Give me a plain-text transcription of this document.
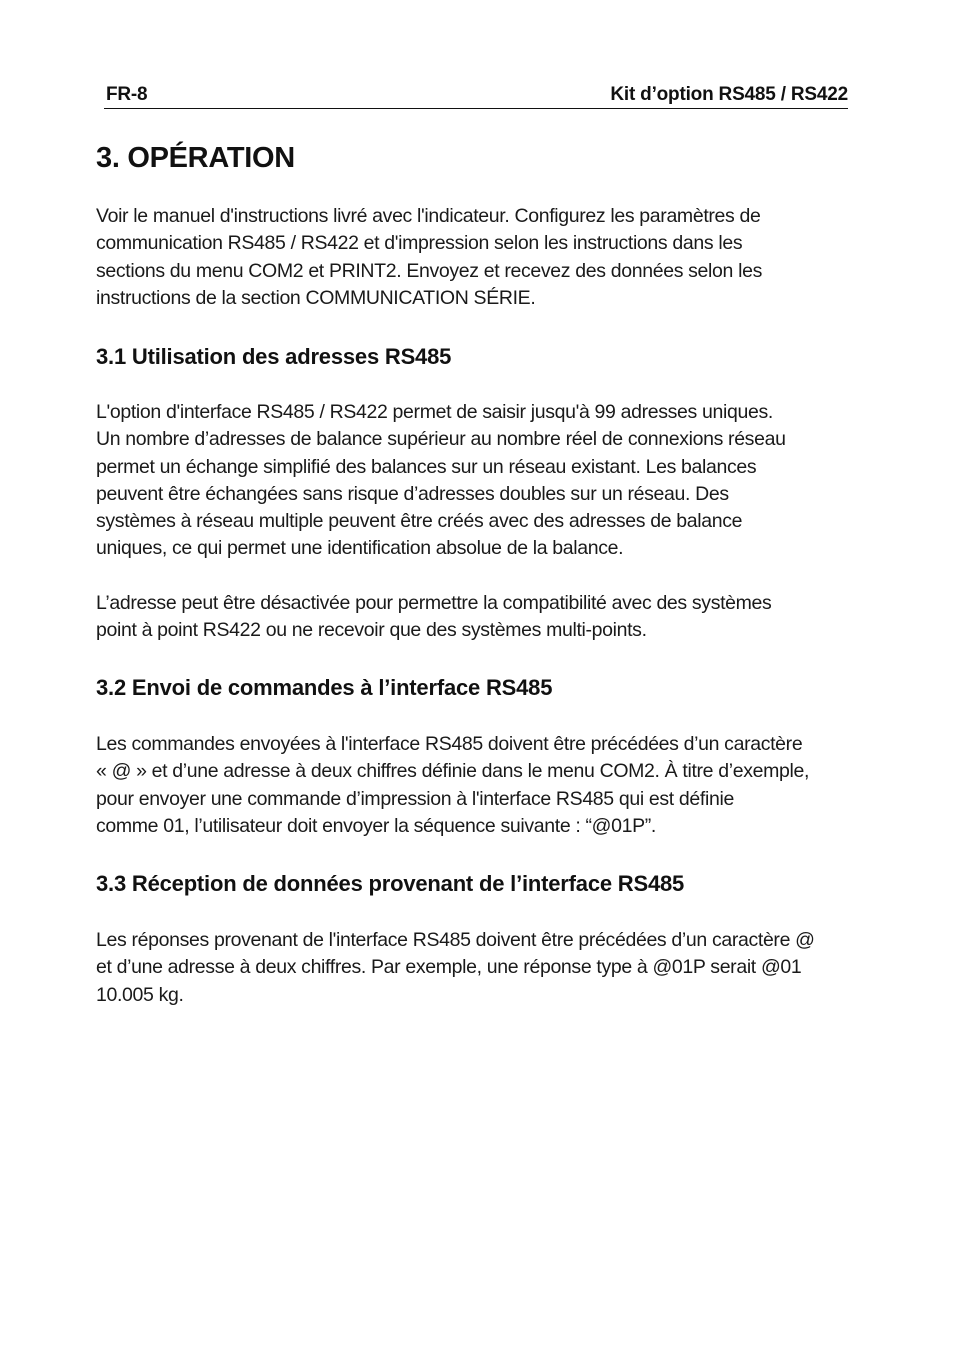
FR-8	Kit d’option RS485 / RS422
3. OPÉRATION

Voir le manuel d'instructions livré avec l'indicateur. Configurez les paramètres de
communication RS485 / RS422 et d'impression selon les instructions dans les
sections du menu COM2 et PRINT2. Envoyez et recevez des données selon les
instructions de la section COMMUNICATION SÉRIE.

3.1 Utilisation des adresses RS485

L'option d'interface RS485 / RS422 permet de saisir jusqu'à 99 adresses uniques.
Un nombre d’adresses de balance supérieur au nombre réel de connexions réseau
permet un échange simplifié des balances sur un réseau existant. Les balances
peuvent être échangées sans risque d’adresses doubles sur un réseau. Des
systèmes à réseau multiple peuvent être créés avec des adresses de balance
uniques, ce qui permet une identification absolue de la balance.

L’adresse peut être désactivée pour permettre la compatibilité avec des systèmes
point à point RS422 ou ne recevoir que des systèmes multi-points.

3.2 Envoi de commandes à l’interface RS485

Les commandes envoyées à l'interface RS485 doivent être précédées d’un caractère
« @ » et d’une adresse à deux chiffres définie dans le menu COM2. À titre d’exemple,
pour envoyer une commande d’impression à l'interface RS485 qui est définie
comme 01, l’utilisateur doit envoyer la séquence suivante : “@01P”.

3.3 Réception de données provenant de l’interface RS485

Les réponses provenant de l'interface RS485 doivent être précédées d’un caractère @
et d’une adresse à deux chiffres. Par exemple, une réponse type à @01P serait @01
10.005 kg.
